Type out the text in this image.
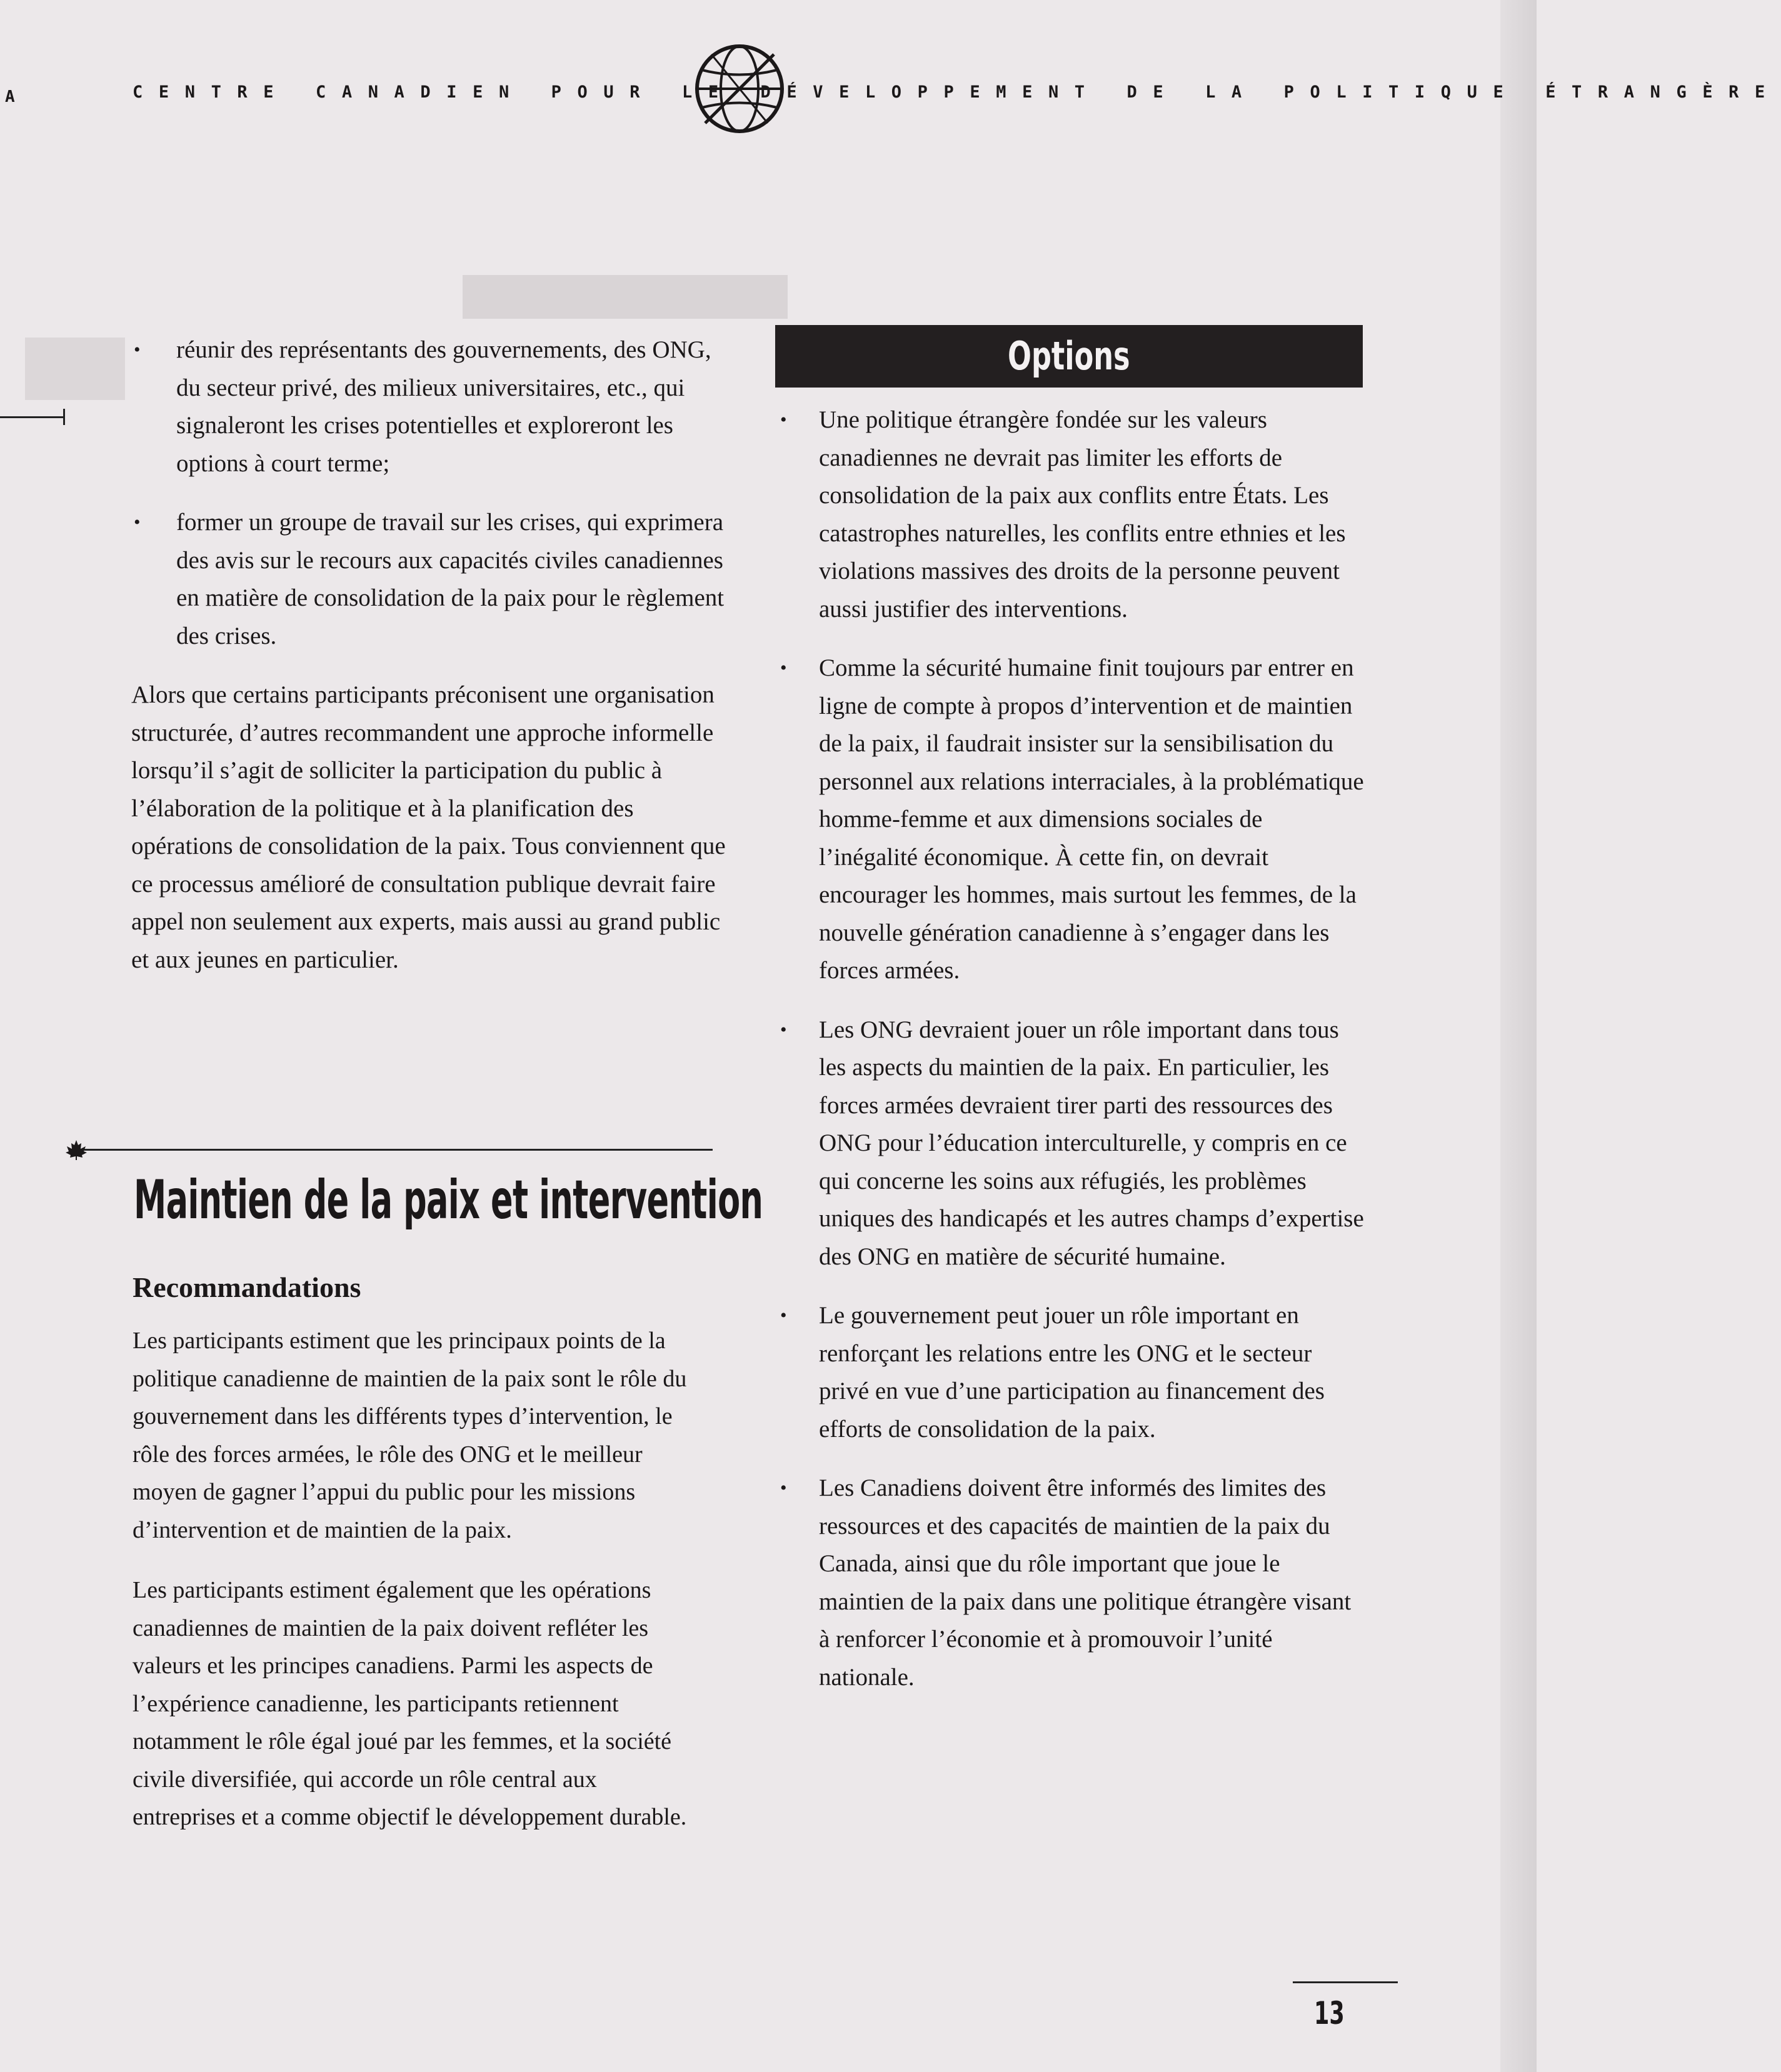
A	CENTRE CANADIEN POUR LE DÉVELOPPEMENT DE LA POLITIQUE ÉTRANGÈRE
• réunir des représentants des gouvernements, des ONG, du secteur privé, des milieux universitaires, etc., qui signaleront les crises potentielles et exploreront les options à court terme;
• former un groupe de travail sur les crises, qui exprimera des avis sur le recours aux capacités civiles canadiennes en matière de consolidation de la paix pour le règlement des crises.

Alors que certains participants préconisent une organisation structurée, d’autres recommandent une approche informelle lorsqu’il s’agit de solliciter la participation du public à l’élaboration de la politique et à la planification des opérations de consolidation de la paix. Tous conviennent que ce processus amélioré de consultation publique devrait faire appel non seulement aux experts, mais aussi au grand public et aux jeunes en particulier.

Maintien de la paix et intervention
Recommandations

Les participants estiment que les principaux points de la politique canadienne de maintien de la paix sont le rôle du gouvernement dans les différents types d’intervention, le rôle des forces armées, le rôle des ONG et le meilleur moyen de gagner l’appui du public pour les missions d’intervention et de maintien de la paix.

Les participants estiment également que les opérations canadiennes de maintien de la paix doivent refléter les valeurs et les principes canadiens. Parmi les aspects de l’expérience canadienne, les participants retiennent notamment le rôle égal joué par les femmes, et la société civile diversifiée, qui accorde un rôle central aux entreprises et a comme objectif le développement durable.

Options
• Une politique étrangère fondée sur les valeurs canadiennes ne devrait pas limiter les efforts de consolidation de la paix aux conflits entre États. Les catastrophes naturelles, les conflits entre ethnies et les violations massives des droits de la personne peuvent aussi justifier des interventions.
• Comme la sécurité humaine finit toujours par entrer en ligne de compte à propos d’intervention et de maintien de la paix, il faudrait insister sur la sensibilisation du personnel aux relations interraciales, à la problématique homme-femme et aux dimensions sociales de l’inégalité économique. À cette fin, on devrait encourager les hommes, mais surtout les femmes, de la nouvelle génération canadienne à s’engager dans les forces armées.
• Les ONG devraient jouer un rôle important dans tous les aspects du maintien de la paix. En particulier, les forces armées devraient tirer parti des ressources des ONG pour l’éducation interculturelle, y compris en ce qui concerne les soins aux réfugiés, les problèmes uniques des handicapés et les autres champs d’expertise des ONG en matière de sécurité humaine.
• Le gouvernement peut jouer un rôle important en renforçant les relations entre les ONG et le secteur privé en vue d’une participation au financement des efforts de consolidation de la paix.
• Les Canadiens doivent être informés des limites des ressources et des capacités de maintien de la paix du Canada, ainsi que du rôle important que joue le maintien de la paix dans une politique étrangère visant à renforcer l’économie et à promouvoir l’unité nationale.
13
